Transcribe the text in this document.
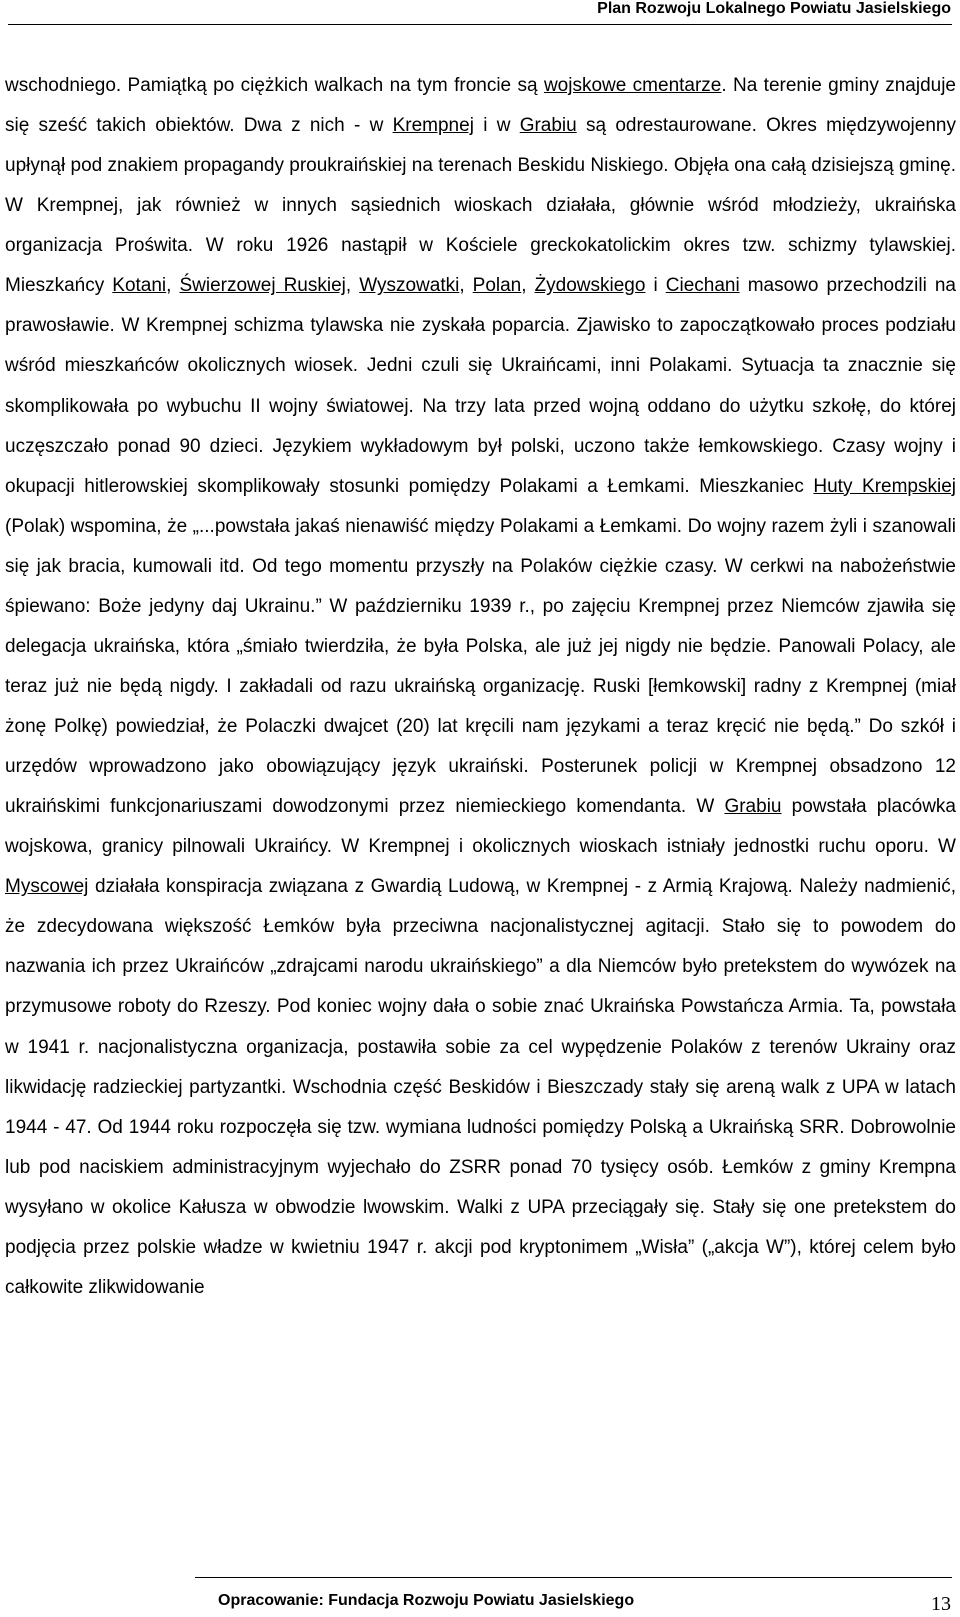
Plan Rozwoju Lokalnego Powiatu Jasielskiego

wschodniego. Pamiątką po ciężkich walkach na tym froncie są wojskowe cmentarze. Na terenie gminy znajduje się sześć takich obiektów. Dwa z nich - w Krempnej i w Grabiu są odrestaurowane. Okres międzywojenny upłynął pod znakiem propagandy proukraińskiej na terenach Beskidu Niskiego. Objęła ona całą dzisiejszą gminę. W Krempnej, jak również w innych sąsiednich wioskach działała, głównie wśród młodzieży, ukraińska organizacja Proświta. W roku 1926 nastąpił w Kościele greckokatolickim okres tzw. schizmy tylawskiej. Mieszkańcy Kotani, Świerzowej Ruskiej, Wyszowatki, Polan, Żydowskiego i Ciechani masowo przechodzili na prawosławie. W Krempnej schizma tylawska nie zyskała poparcia. Zjawisko to zapoczątkowało proces podziału wśród mieszkańców okolicznych wiosek. Jedni czuli się Ukraińcami, inni Polakami. Sytuacja ta znacznie się skomplikowała po wybuchu II wojny światowej. Na trzy lata przed wojną oddano do użytku szkołę, do której uczęszczało ponad 90 dzieci. Językiem wykładowym był polski, uczono także łemkowskiego. Czasy wojny i okupacji hitlerowskiej skomplikowały stosunki pomiędzy Polakami a Łemkami. Mieszkaniec Huty Krempskiej (Polak) wspomina, że „...powstała jakaś nienawiść między Polakami a Łemkami. Do wojny razem żyli i szanowali się jak bracia, kumowali itd. Od tego momentu przyszły na Polaków ciężkie czasy. W cerkwi na nabożeństwie śpiewano: Boże jedyny daj Ukrainu.” W październiku 1939 r., po zajęciu Krempnej przez Niemców zjawiła się delegacja ukraińska, która „śmiało twierdziła, że była Polska, ale już jej nigdy nie będzie. Panowali Polacy, ale teraz już nie będą nigdy. I zakładali od razu ukraińską organizację. Ruski [łemkowski] radny z Krempnej (miał żonę Polkę) powiedział, że Polaczki dwajcet (20) lat kręcili nam językami a teraz kręcić nie będą.” Do szkół i urzędów wprowadzono jako obowiązujący język ukraiński. Posterunek policji w Krempnej obsadzono 12 ukraińskimi funkcjonariuszami dowodzonymi przez niemieckiego komendanta. W Grabiu powstała placówka wojskowa, granicy pilnowali Ukraińcy. W Krempnej i okolicznych wioskach istniały jednostki ruchu oporu. W Myscowej działała konspiracja związana z Gwardią Ludową, w Krempnej - z Armią Krajową. Należy nadmienić, że zdecydowana większość Łemków była przeciwna nacjonalistycznej agitacji. Stało się to powodem do nazwania ich przez Ukraińców „zdrajcami narodu ukraińskiego” a dla Niemców było pretekstem do wywózek na przymusowe roboty do Rzeszy. Pod koniec wojny dała o sobie znać Ukraińska Powstańcza Armia. Ta, powstała w 1941 r. nacjonalistyczna organizacja, postawiła sobie za cel wypędzenie Polaków z terenów Ukrainy oraz likwidację radzieckiej partyzantki. Wschodnia część Beskidów i Bieszczady stały się areną walk z UPA w latach 1944 - 47. Od 1944 roku rozpoczęła się tzw. wymiana ludności pomiędzy Polską a Ukraińską SRR. Dobrowolnie lub pod naciskiem administracyjnym wyjechało do ZSRR ponad 70 tysięcy osób. Łemków z gminy Krempna wysyłano w okolice Kałusza w obwodzie lwowskim. Walki z UPA przeciągały się. Stały się one pretekstem do podjęcia przez polskie władze w kwietniu 1947 r. akcji pod kryptonimem „Wisła” („akcja W”), której celem było całkowite zlikwidowanie

Opracowanie: Fundacja Rozwoju Powiatu Jasielskiego	13
